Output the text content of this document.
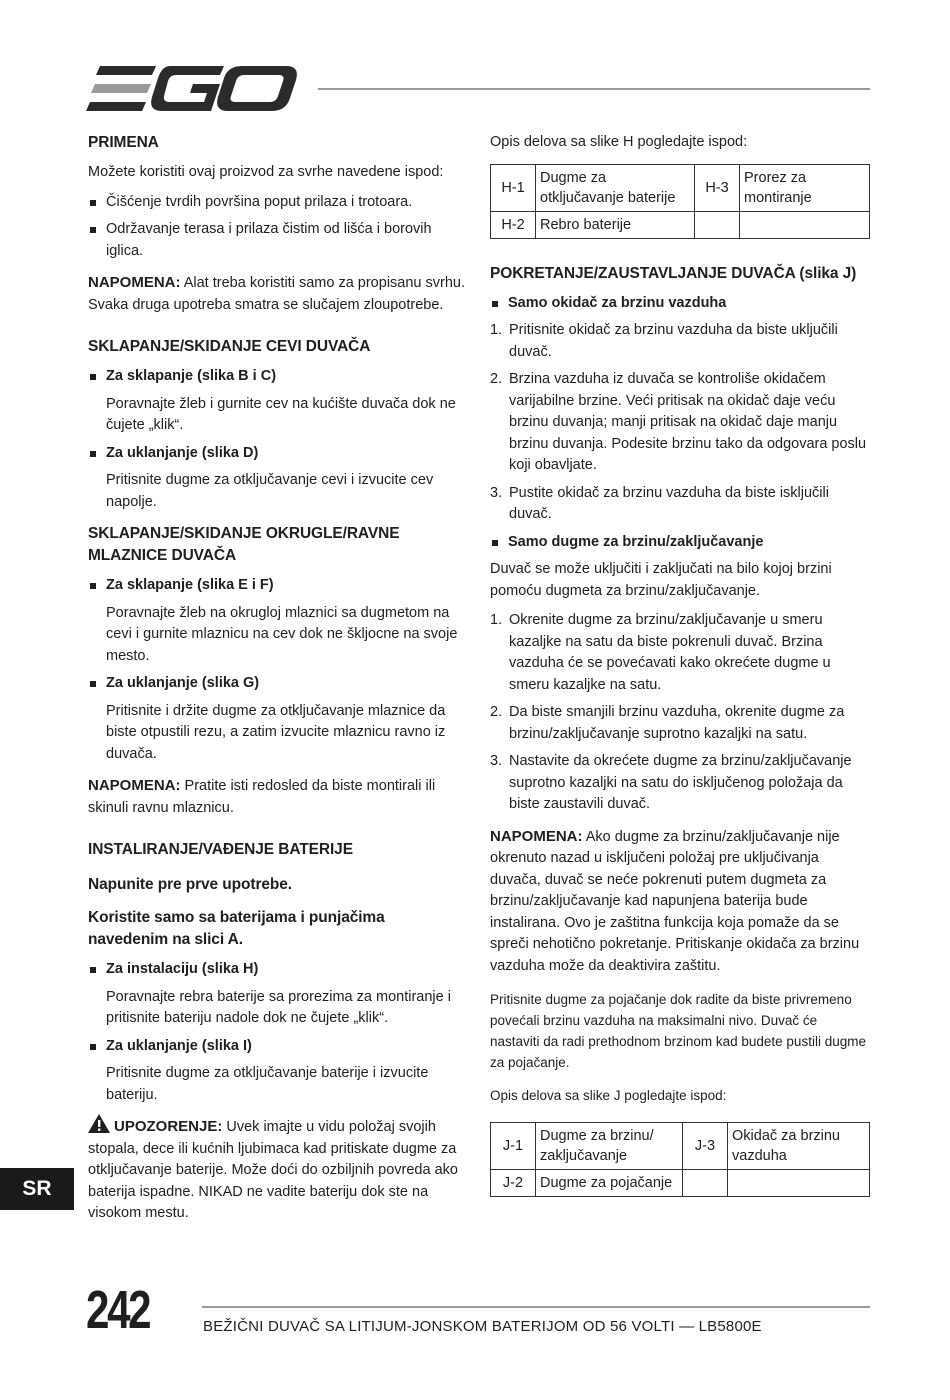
PRIMENA

Možete koristiti ovaj proizvod za svrhe navedene ispod:

Čišćenje tvrdih površina poput prilaza i trotoara.

Održavanje terasa i prilaza čistim od lišća i borovih iglica.

NAPOMENA: Alat treba koristiti samo za propisanu svrhu. Svaka druga upotreba smatra se slučajem zloupotrebe.

SKLAPANJE/SKIDANJE CEVI DUVAČA

Za sklapanje (slika B i C)

Poravnajte žleb i gurnite cev na kućište duvača dok ne čujete „klik“.

Za uklanjanje (slika D)

Pritisnite dugme za otključavanje cevi i izvucite cev napolje.

SKLAPANJE/SKIDANJE OKRUGLE/RAVNE MLAZNICE DUVAČA

Za sklapanje (slika E i F)

Poravnajte žleb na okrugloj mlaznici sa dugmetom na cevi i gurnite mlaznicu na cev dok ne škljocne na svoje mesto.

Za uklanjanje (slika G)

Pritisnite i držite dugme za otključavanje mlaznice da biste otpustili rezu, a zatim izvucite mlaznicu ravno iz duvača.

NAPOMENA: Pratite isti redosled da biste montirali ili skinuli ravnu mlaznicu.

INSTALIRANJE/VAĐENJE BATERIJE
Napunite pre prve upotrebe.
Koristite samo sa baterijama i punjačima navedenim na slici A.

Za instalaciju (slika H)

Poravnajte rebra baterije sa prorezima za montiranje i pritisnite bateriju nadole dok ne čujete „klik“.

Za uklanjanje (slika I)

Pritisnite dugme za otključavanje baterije i izvucite bateriju.

UPOZORENJE: Uvek imajte u vidu položaj svojih stopala, dece ili kućnih ljubimaca kad pritiskate dugme za otključavanje baterije. Može doći do ozbiljnih povreda ako baterija ispadne. NIKAD ne vadite bateriju dok ste na visokom mestu.

Opis delova sa slike H pogledajte ispod:

H-1	Dugme za otključavanje baterije	H-3	Prorez za montiranje
H-2	Rebro baterije		
POKRETANJE/ZAUSTAVLJANJE DUVAČA (slika J)

Samo okidač za brzinu vazduha

1. Pritisnite okidač za brzinu vazduha da biste uključili duvač.
2. Brzina vazduha iz duvača se kontroliše okidačem varijabilne brzine. Veći pritisak na okidač daje veću brzinu duvanja; manji pritisak na okidač daje manju brzinu duvanja. Podesite brzinu tako da odgovara poslu koji obavljate.
3. Pustite okidač za brzinu vazduha da biste isključili duvač.

Samo dugme za brzinu/zaključavanje

Duvač se može uključiti i zaključati na bilo kojoj brzini pomoću dugmeta za brzinu/zaključavanje.

1. Okrenite dugme za brzinu/zaključavanje u smeru kazaljke na satu da biste pokrenuli duvač. Brzina vazduha će se povećavati kako okrećete dugme u smeru kazaljke na satu.
2. Da biste smanjili brzinu vazduha, okrenite dugme za brzinu/zaključavanje suprotno kazaljki na satu.
3. Nastavite da okrećete dugme za brzinu/zaključavanje suprotno kazaljki na satu do isključenog položaja da biste zaustavili duvač.

NAPOMENA: Ako dugme za brzinu/zaključavanje nije okrenuto nazad u isključeni položaj pre uključivanja duvača, duvač se neće pokrenuti putem dugmeta za brzinu/zaključavanje kad napunjena baterija bude instalirana. Ovo je zaštitna funkcija koja pomaže da se spreči nehotično pokretanje. Pritiskanje okidača za brzinu vazduha može da deaktivira zaštitu.

Pritisnite dugme za pojačanje dok radite da biste privremeno povećali brzinu vazduha na maksimalni nivo. Duvač će nastaviti da radi prethodnom brzinom kad budete pustili dugme za pojačanje.

Opis delova sa slike J pogledajte ispod:

J-1	Dugme za brzinu/ zaključavanje	J-3	Okidač za brzinu vazduha
J-2	Dugme za pojačanje		
SR
242	BEŽIČNI DUVAČ SA LITIJUM-JONSKOM BATERIJOM OD 56 VOLTI — LB5800E
